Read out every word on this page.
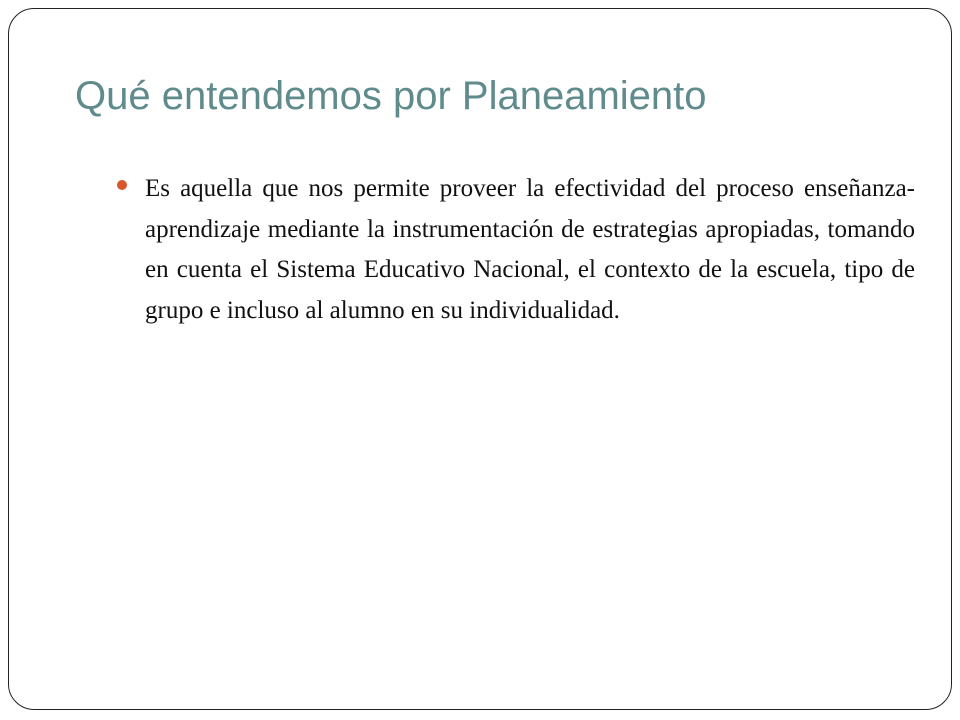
Qué entendemos por Planeamiento
Es aquella que nos permite proveer la efectividad del proceso enseñanza-aprendizaje mediante la instrumentación de estrategias apropiadas, tomando en cuenta el Sistema Educativo Nacional, el contexto de la escuela, tipo de grupo e incluso al alumno en su individualidad.
